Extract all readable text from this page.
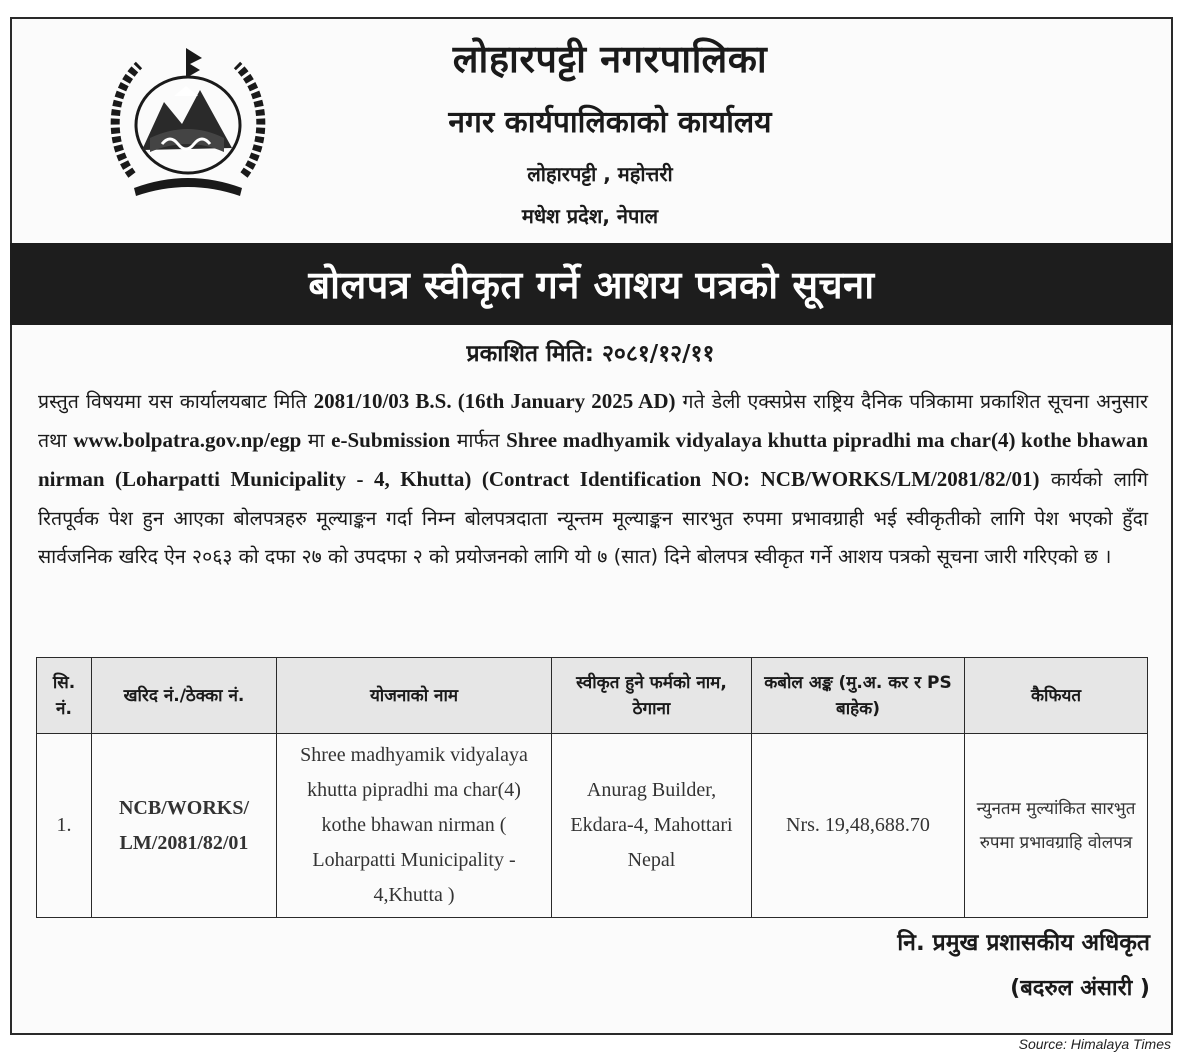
लोहारपट्टी नगरपालिका
नगर कार्यपालिकाको कार्यालय
लोहारपट्टी , महोत्तरी
मधेश प्रदेश, नेपाल
बोलपत्र स्वीकृत गर्ने आशय पत्रको सूचना
प्रकाशित मिति: २०८१/१२/११
प्रस्तुत विषयमा यस कार्यालयबाट मिति 2081/10/03 B.S. (16th January 2025 AD) गते डेली एक्सप्रेस राष्ट्रिय दैनिक पत्रिकामा प्रकाशित सूचना अनुसार तथा www.bolpatra.gov.np/egp मा e-Submission मार्फत Shree madhyamik vidyalaya khutta pipradhi ma char(4) kothe bhawan nirman (Loharpatti Municipality - 4, Khutta) (Contract Identification NO: NCB/WORKS/LM/2081/82/01) कार्यको लागि रितपूर्वक पेश हुन आएका बोलपत्रहरु मूल्याङ्कन गर्दा निम्न बोलपत्रदाता न्यून्तम मूल्याङ्कन सारभुत रुपमा प्रभावग्राही भई स्वीकृतीको लागि पेश भएको हुँदा सार्वजनिक खरिद ऐन २०६३ को दफा २७ को उपदफा २ को प्रयोजनको लागि यो ७ (सात) दिने बोलपत्र स्वीकृत गर्ने आशय पत्रको सूचना जारी गरिएको छ ।
सि. नं.	खरिद नं./ठेक्का नं.	योजनाको नाम	स्वीकृत हुने फर्मको नाम, ठेगाना	कबोल अङ्क (मु.अ. कर र PS बाहेक)	कैफियत
1.	NCB/WORKS/ LM/2081/82/01	Shree madhyamik vidyalaya khutta pipradhi ma char(4) kothe bhawan nirman ( Loharpatti Municipality - 4,Khutta )	Anurag Builder, Ekdara-4, Mahottari Nepal	Nrs. 19,48,688.70	न्युनतम मुल्यांकित सारभुत रुपमा प्रभावग्राहि वोलपत्र
नि. प्रमुख प्रशासकीय अधिकृत
(बदरुल अंसारी )
Source: Himalaya Times
